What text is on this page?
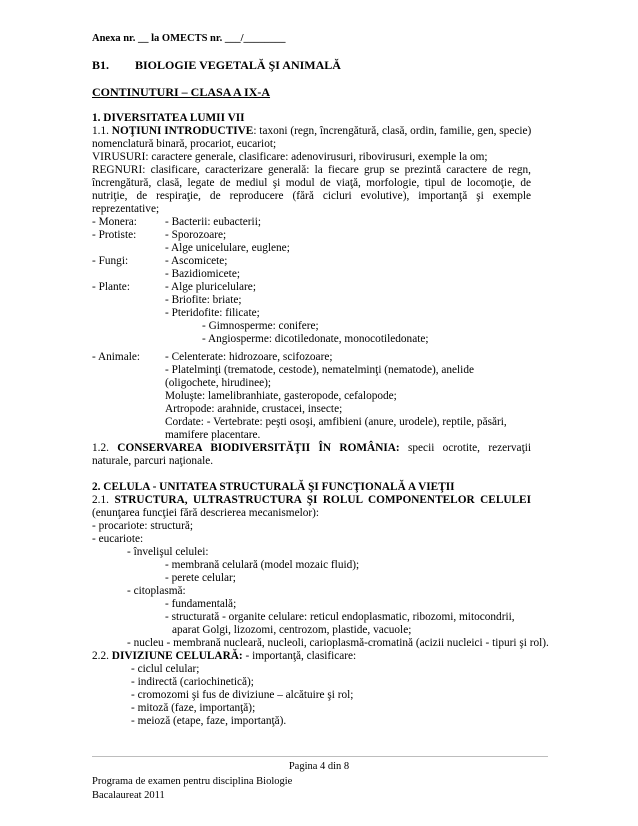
Anexa nr. __ la OMECTS nr. ___/________
B1. BIOLOGIE VEGETALĂ ŞI ANIMALĂ
CONTINUTURI – CLASA A IX-A
1. DIVERSITATEA LUMII VII
1.1. NOŢIUNI INTRODUCTIVE: taxoni (regn, încrengătură, clasă, ordin, familie, gen, specie)
nomenclatură binară, procariot, eucariot;
VIRUSURI: caractere generale, clasificare: adenovirusuri, ribovirusuri, exemple la om;
REGNURI: clasificare, caracterizare generală: la fiecare grup se prezintă caractere de regn,
încrengătură, clasă, legate de mediul şi modul de viaţă, morfologie, tipul de locomoţie, de
nutriţie, de respiraţie, de reproducere (fără cicluri evolutive), importanţă şi exemple
reprezentative;
- Monera: - Bacterii: eubacterii;
- Protiste:	- Sporozoare;
- Alge unicelulare, euglene;
- Fungi:	- Ascomicete;
- Bazidiomicete;
- Plante:	- Alge pluricelulare;
- Briofite: briate;
- Pteridofite: filicate;
- Gimnosperme: conifere;
- Angiosperme: dicotiledonate, monocotiledonate;
- Animale: - Celenterate: hidrozoare, scifozoare;
- Platelminţi (trematode, cestode), nematelminţi (nematode), anelide
(oligochete, hirudinee);
Moluşte: lamelibranhiate, gasteropode, cefalopode;
Artropode: arahnide, crustacei, insecte;
Cordate: - Vertebrate: peşti osoşi, amfibieni (anure, urodele), reptile, păsări,
mamifere placentare.
1.2. CONSERVAREA BIODIVERSITĂŢII ÎN ROMÂNIA: specii ocrotite, rezervaţii
naturale, parcuri naţionale.
2. CELULA - UNITATEA STRUCTURALĂ ŞI FUNCŢIONALĂ A VIEŢII
2.1. STRUCTURA, ULTRASTRUCTURA ŞI ROLUL COMPONENTELOR CELULEI
(enunţarea funcţiei fără descrierea mecanismelor):
- procariote: structură;
- eucariote:
- învelişul celulei:
- membrană celulară (model mozaic fluid);
- perete celular;
- citoplasmă:
- fundamentală;
- structurată - organite celulare: reticul endoplasmatic, ribozomi, mitocondrii,
aparat Golgi, lizozomi, centrozom, plastide, vacuole;
- nucleu - membrană nucleară, nucleoli, carioplasmă-cromatină (acizii nucleici - tipuri şi rol).
2.2. DIVIZIUNE CELULARĂ: - importanţă, clasificare:
- ciclul celular;
- indirectă (cariochinetică);
- cromozomi şi fus de diviziune – alcătuire şi rol;
- mitoză (faze, importanţă);
- meioză (etape, faze, importanţă).
Pagina 4 din 8
Programa de examen pentru disciplina Biologie
Bacalaureat 2011
